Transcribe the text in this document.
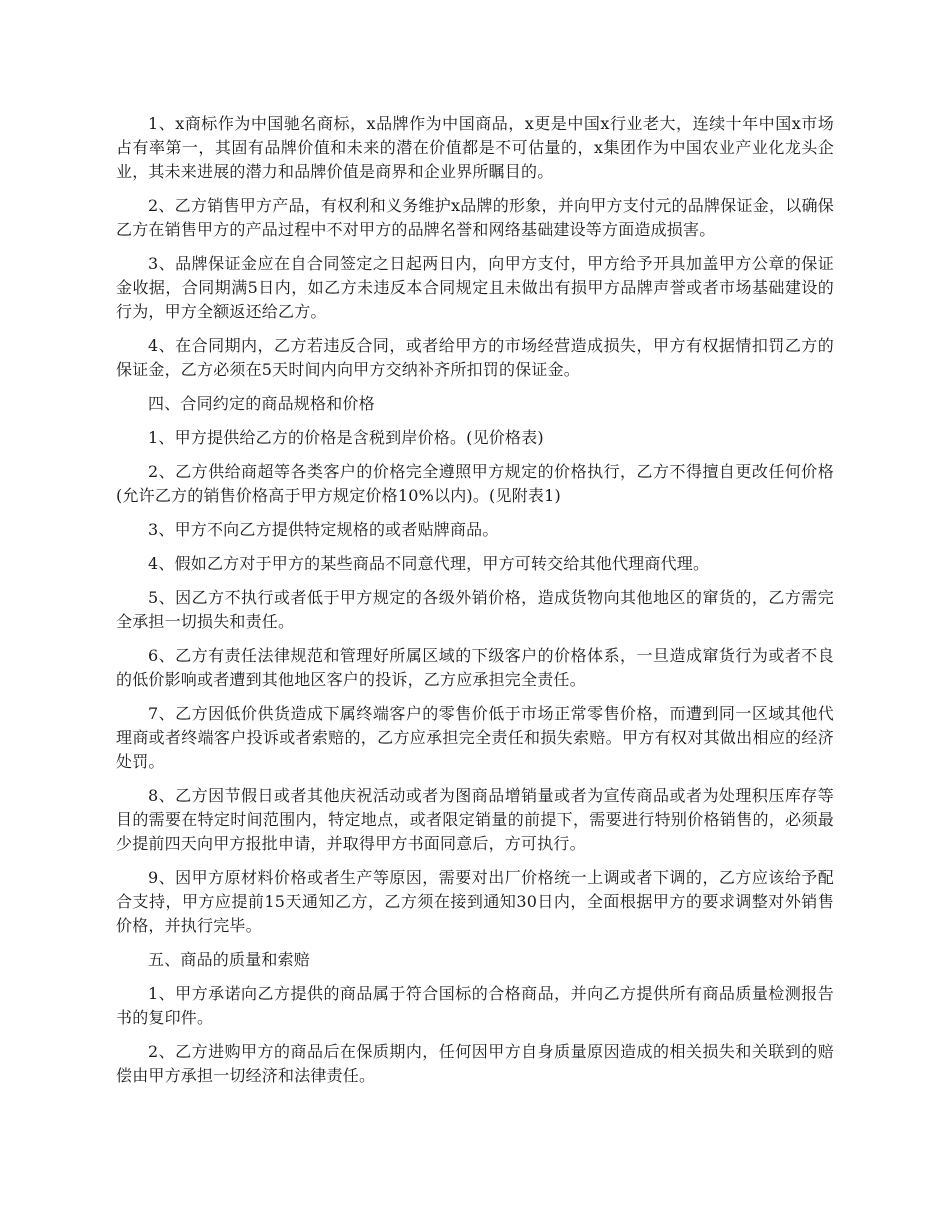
1、x商标作为中国驰名商标，x品牌作为中国商品，x更是中国x行业老大，连续十年中国x市场占有率第一，其固有品牌价值和未来的潜在价值都是不可估量的，x集团作为中国农业产业化龙头企业，其未来进展的潜力和品牌价值是商界和企业界所瞩目的。

2、乙方销售甲方产品，有权利和义务维护x品牌的形象，并向甲方支付元的品牌保证金，以确保乙方在销售甲方的产品过程中不对甲方的品牌名誉和网络基础建设等方面造成损害。

3、品牌保证金应在自合同签定之日起两日内，向甲方支付，甲方给予开具加盖甲方公章的保证金收据，合同期满5日内，如乙方未违反本合同规定且未做出有损甲方品牌声誉或者市场基础建设的行为，甲方全额返还给乙方。

4、在合同期内，乙方若违反合同，或者给甲方的市场经营造成损失，甲方有权据情扣罚乙方的保证金，乙方必须在5天时间内向甲方交纳补齐所扣罚的保证金。

四、合同约定的商品规格和价格

1、甲方提供给乙方的价格是含税到岸价格。(见价格表)

2、乙方供给商超等各类客户的价格完全遵照甲方规定的价格执行，乙方不得擅自更改任何价格(允许乙方的销售价格高于甲方规定价格10%以内)。(见附表1)

3、甲方不向乙方提供特定规格的或者贴牌商品。

4、假如乙方对于甲方的某些商品不同意代理，甲方可转交给其他代理商代理。

5、因乙方不执行或者低于甲方规定的各级外销价格，造成货物向其他地区的窜货的，乙方需完全承担一切损失和责任。

6、乙方有责任法律规范和管理好所属区域的下级客户的价格体系，一旦造成窜货行为或者不良的低价影响或者遭到其他地区客户的投诉，乙方应承担完全责任。

7、乙方因低价供货造成下属终端客户的零售价低于市场正常零售价格，而遭到同一区域其他代理商或者终端客户投诉或者索赔的，乙方应承担完全责任和损失索赔。甲方有权对其做出相应的经济处罚。

8、乙方因节假日或者其他庆祝活动或者为图商品增销量或者为宣传商品或者为处理积压库存等目的需要在特定时间范围内，特定地点，或者限定销量的前提下，需要进行特别价格销售的，必须最少提前四天向甲方报批申请，并取得甲方书面同意后，方可执行。

9、因甲方原材料价格或者生产等原因，需要对出厂价格统一上调或者下调的，乙方应该给予配合支持，甲方应提前15天通知乙方，乙方须在接到通知30日内，全面根据甲方的要求调整对外销售价格，并执行完毕。

五、商品的质量和索赔

1、甲方承诺向乙方提供的商品属于符合国标的合格商品，并向乙方提供所有商品质量检测报告书的复印件。

2、乙方进购甲方的商品后在保质期内，任何因甲方自身质量原因造成的相关损失和关联到的赔偿由甲方承担一切经济和法律责任。
